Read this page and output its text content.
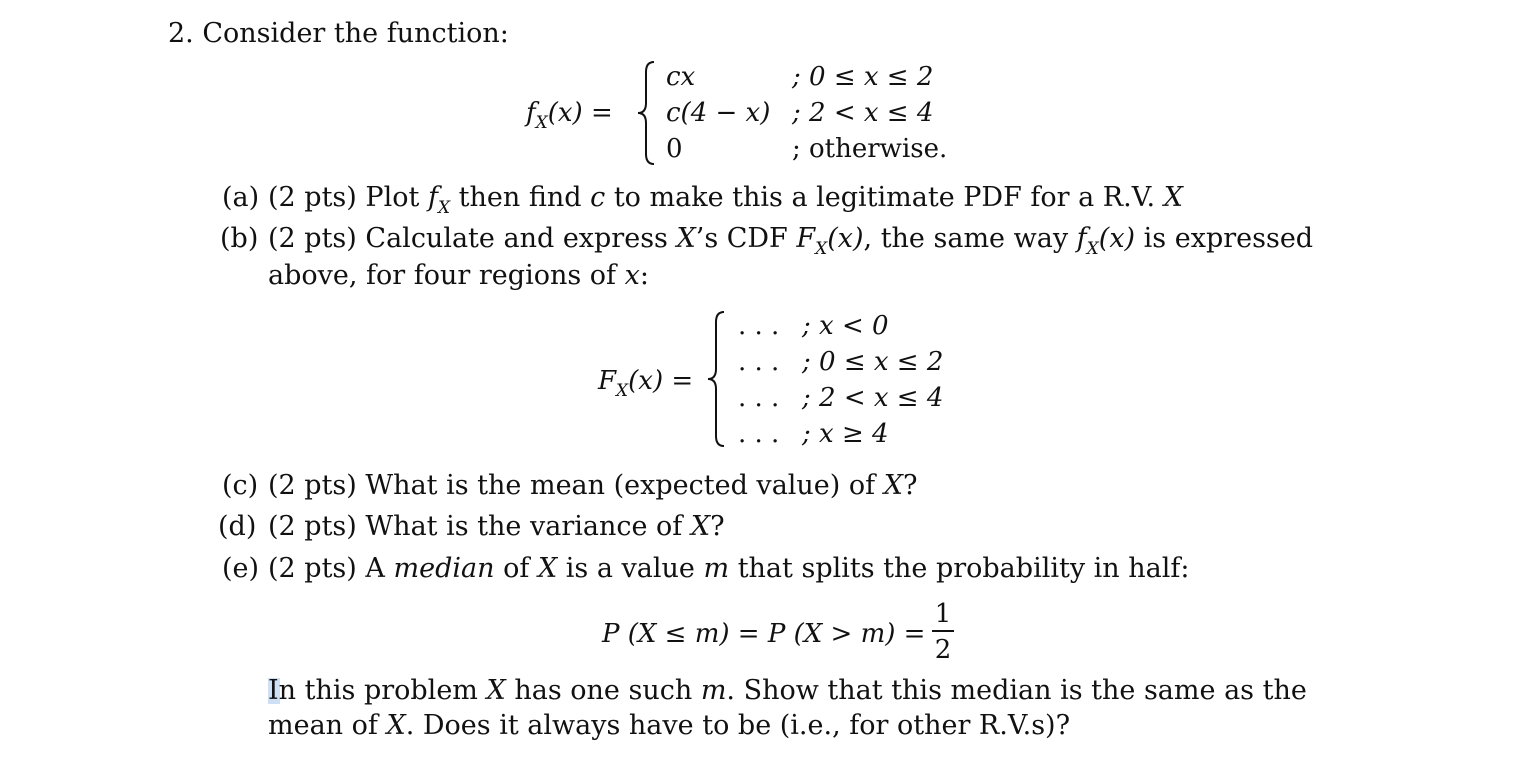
2. Consider the function:
$f_X(x)$ =
cx	; 0 ≤ x ≤ 2
c(4 − x) ; 2 < x ≤ 4
0	; otherwise.
(a) (2 pts) Plot $f_X$ then find c to make this a legitimate PDF for a R.V. X
(b) (2 pts) Calculate and express X’s CDF $F_X(x)$, the same way $f_X(x)$ is expressed
above, for four regions of x:
$F_X(x)$ =
. . . ; x < 0
. . . ; 0 ≤ x ≤ 2
. . . ; 2 < x ≤ 4
. . . ; x ≥ 4
(c) (2 pts) What is the mean (expected value) of X?
(d) (2 pts) What is the variance of X?
(e) (2 pts) A median of X is a value m that splits the probability in half:
P (X ≤ m) = P (X > m) =
1
2
In this problem X has one such m. Show that this median is the same as the
mean of X. Does it always have to be (i.e., for other R.V.s)?
